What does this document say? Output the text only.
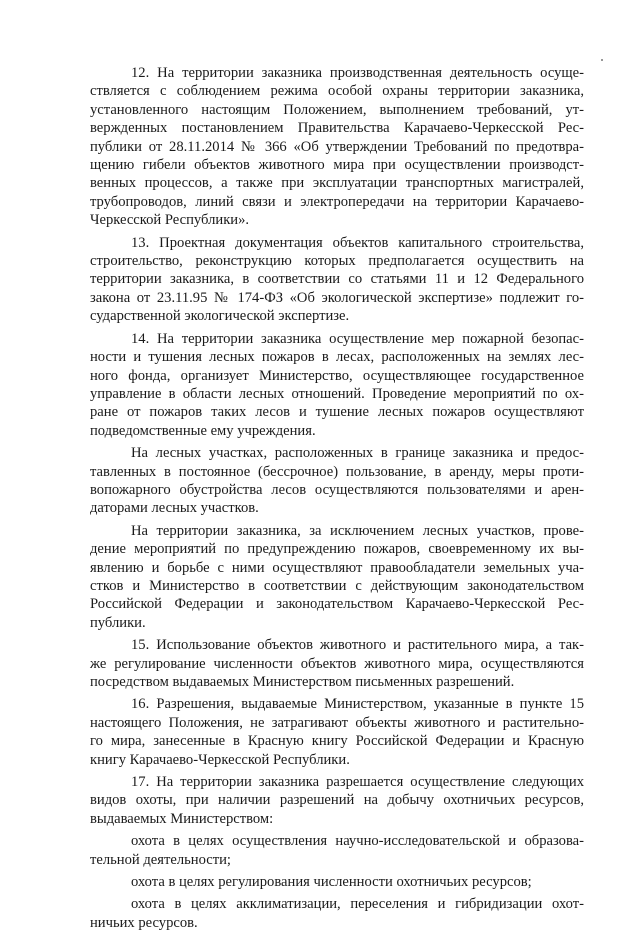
12. На территории заказника производственная деятельность осуще-
ствляется с соблюдением режима особой охраны территории заказника,
установленного настоящим Положением, выполнением требований, ут-
вержденных постановлением Правительства Карачаево-Черкесской Рес-
публики от 28.11.2014 № 366 «Об утверждении Требований по предотвра-
щению гибели объектов животного мира при осуществлении производст-
венных процессов, а также при эксплуатации транспортных магистралей,
трубопроводов, линий связи и электропередачи на территории Карачаево-
Черкесской Республики».

13. Проектная документация объектов капитального строительства,
строительство, реконструкцию которых предполагается осуществить на
территории заказника, в соответствии со статьями 11 и 12 Федерального
закона от 23.11.95 № 174-ФЗ «Об экологической экспертизе» подлежит го-
сударственной экологической экспертизе.

14. На территории заказника осуществление мер пожарной безопас-
ности и тушения лесных пожаров в лесах, расположенных на землях лес-
ного фонда, организует Министерство, осуществляющее государственное
управление в области лесных отношений. Проведение мероприятий по ох-
ране от пожаров таких лесов и тушение лесных пожаров осуществляют
подведомственные ему учреждения.

На лесных участках, расположенных в границе заказника и предос-
тавленных в постоянное (бессрочное) пользование, в аренду, меры проти-
вопожарного обустройства лесов осуществляются пользователями и арен-
даторами лесных участков.

На территории заказника, за исключением лесных участков, прове-
дение мероприятий по предупреждению пожаров, своевременному их вы-
явлению и борьбе с ними осуществляют правообладатели земельных уча-
стков и Министерство в соответствии с действующим законодательством
Российской Федерации и законодательством Карачаево-Черкесской Рес-
публики.

15. Использование объектов животного и растительного мира, а так-
же регулирование численности объектов животного мира, осуществляются
посредством выдаваемых Министерством письменных разрешений.

16. Разрешения, выдаваемые Министерством, указанные в пункте 15
настоящего Положения, не затрагивают объекты животного и растительно-
го мира, занесенные в Красную книгу Российской Федерации и Красную
книгу Карачаево-Черкесской Республики.

17. На территории заказника разрешается осуществление следующих
видов охоты, при наличии разрешений на добычу охотничьих ресурсов,
выдаваемых Министерством:

охота в целях осуществления научно-исследовательской и образова-
тельной деятельности;

охота в целях регулирования численности охотничьих ресурсов;

охота в целях акклиматизации, переселения и гибридизации охот-
ничьих ресурсов.
